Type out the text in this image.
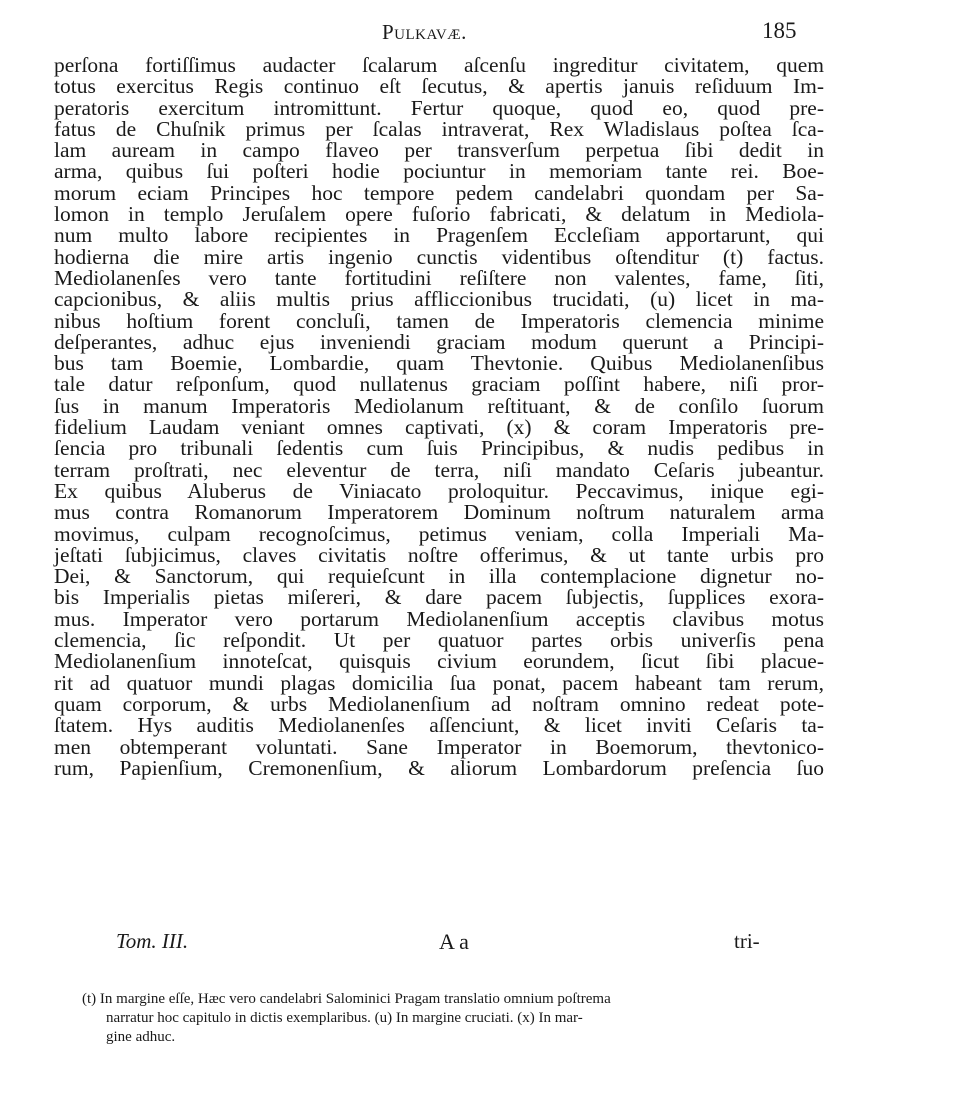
Pulkavæ.	185
perſona fortiſſimus audacter ſcalarum aſcenſu ingreditur civitatem, quem
totus exercitus Regis continuo eſt ſecutus, & apertis januis reſiduum Im-
peratoris exercitum intromittunt. Fertur quoque, quod eo, quod pre-
fatus de Chuſnik primus per ſcalas intraverat, Rex Wladislaus poſtea ſca-
lam auream in campo flaveo per transverſum perpetua ſibi dedit in
arma, quibus ſui poſteri hodie pociuntur in memoriam tante rei. Boe-
morum eciam Principes hoc tempore pedem candelabri quondam per Sa-
lomon in templo Jeruſalem opere fuſorio fabricati, & delatum in Mediola-
num multo labore recipientes in Pragenſem Eccleſiam apportarunt, qui
hodierna die mire artis ingenio cunctis videntibus oſtenditur (t) factus.
Mediolanenſes vero tante fortitudini reſiſtere non valentes, fame, ſiti,
capcionibus, & aliis multis prius affliccionibus trucidati, (u) licet in ma-
nibus hoſtium forent concluſi, tamen de Imperatoris clemencia minime
deſperantes, adhuc ejus inveniendi graciam modum querunt a Principi-
bus tam Boemie, Lombardie, quam Thevtonie. Quibus Mediolanenſibus
tale datur reſponſum, quod nullatenus graciam poſſint habere, niſi pror-
ſus in manum Imperatoris Mediolanum reſtituant, & de conſilo ſuorum
fidelium Laudam veniant omnes captivati, (x) & coram Imperatoris pre-
ſencia pro tribunali ſedentis cum ſuis Principibus, & nudis pedibus in
terram proſtrati, nec eleventur de terra, niſi mandato Ceſaris jubeantur.
Ex quibus Aluberus de Viniacato proloquitur. Peccavimus, inique egi-
mus contra Romanorum Imperatorem Dominum noſtrum naturalem arma
movimus, culpam recognoſcimus, petimus veniam, colla Imperiali Ma-
jeſtati ſubjicimus, claves civitatis noſtre offerimus, & ut tante urbis pro
Dei, & Sanctorum, qui requieſcunt in illa contemplacione dignetur no-
bis Imperialis pietas miſereri, & dare pacem ſubjectis, ſupplices exora-
mus. Imperator vero portarum Mediolanenſium acceptis clavibus motus
clemencia, ſic reſpondit. Ut per quatuor partes orbis univerſis pena
Mediolanenſium innoteſcat, quisquis civium eorundem, ſicut ſibi placue-
rit ad quatuor mundi plagas domicilia ſua ponat, pacem habeant tam rerum,
quam corporum, & urbs Mediolanenſium ad noſtram omnino redeat pote-
ſtatem. Hys auditis Mediolanenſes aſſenciunt, & licet inviti Ceſaris ta-
men obtemperant voluntati. Sane Imperator in Boemorum, thevtonico-
rum, Papienſium, Cremonenſium, & aliorum Lombardorum preſencia ſuo
Tom. III.	A a	tri-
(t) In margine eſſe, Hæc vero candelabri Salominici Pragam translatio omnium poſtrema
narratur hoc capitulo in dictis exemplaribus. (u) In margine cruciati. (x) In mar-
gine adhuc.
